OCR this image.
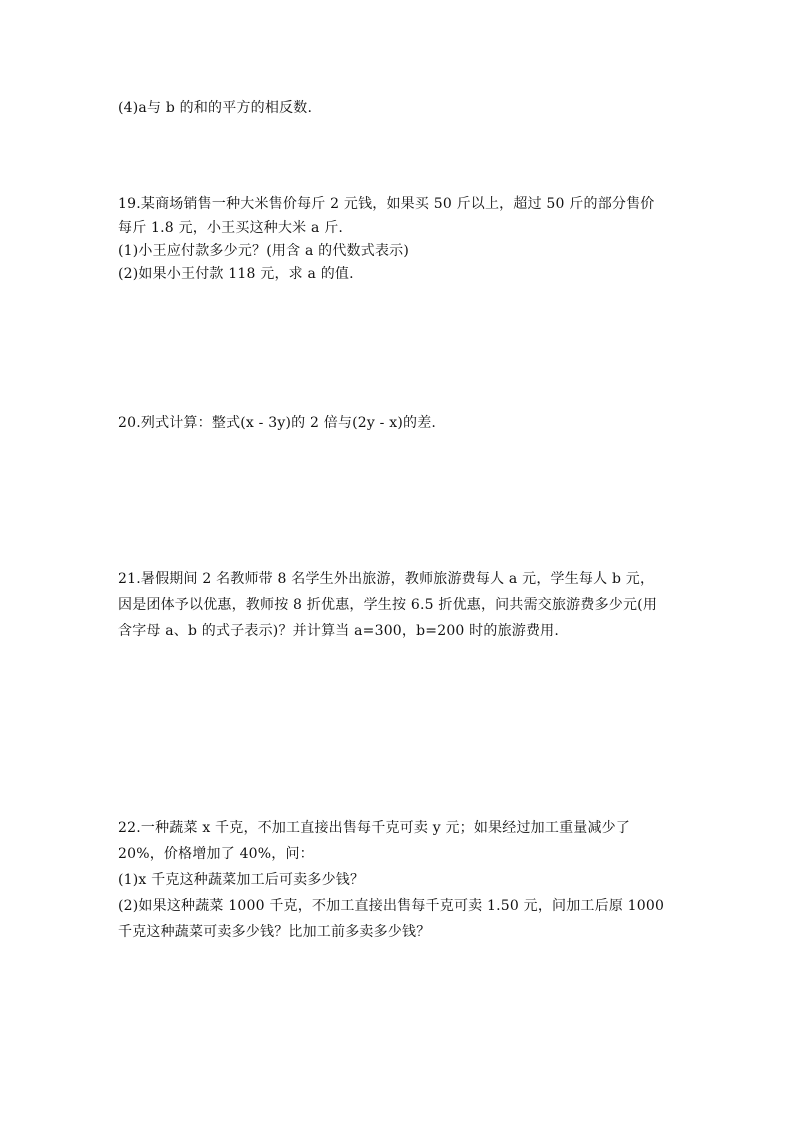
(4)a与 b 的和的平方的相反数.
19.某商场销售一种大米售价每斤 2 元钱，如果买 50 斤以上，超过 50 斤的部分售价
每斤 1.8 元，小王买这种大米 a 斤.
(1)小王应付款多少元？(用含 a 的代数式表示)
(2)如果小王付款 118 元，求 a 的值.
20.列式计算：整式(x - 3y)的 2 倍与(2y - x)的差.
21.暑假期间 2 名教师带 8 名学生外出旅游，教师旅游费每人 a 元，学生每人 b 元，
因是团体予以优惠，教师按 8 折优惠，学生按 6.5 折优惠，问共需交旅游费多少元(用
含字母 a、b 的式子表示)？并计算当 a=300，b=200 时的旅游费用.
22.一种蔬菜 x 千克，不加工直接出售每千克可卖 y 元；如果经过加工重量减少了
20%，价格增加了 40%，问：
(1)x 千克这种蔬菜加工后可卖多少钱？
(2)如果这种蔬菜 1000 千克，不加工直接出售每千克可卖 1.50 元，问加工后原 1000
千克这种蔬菜可卖多少钱？比加工前多卖多少钱？
